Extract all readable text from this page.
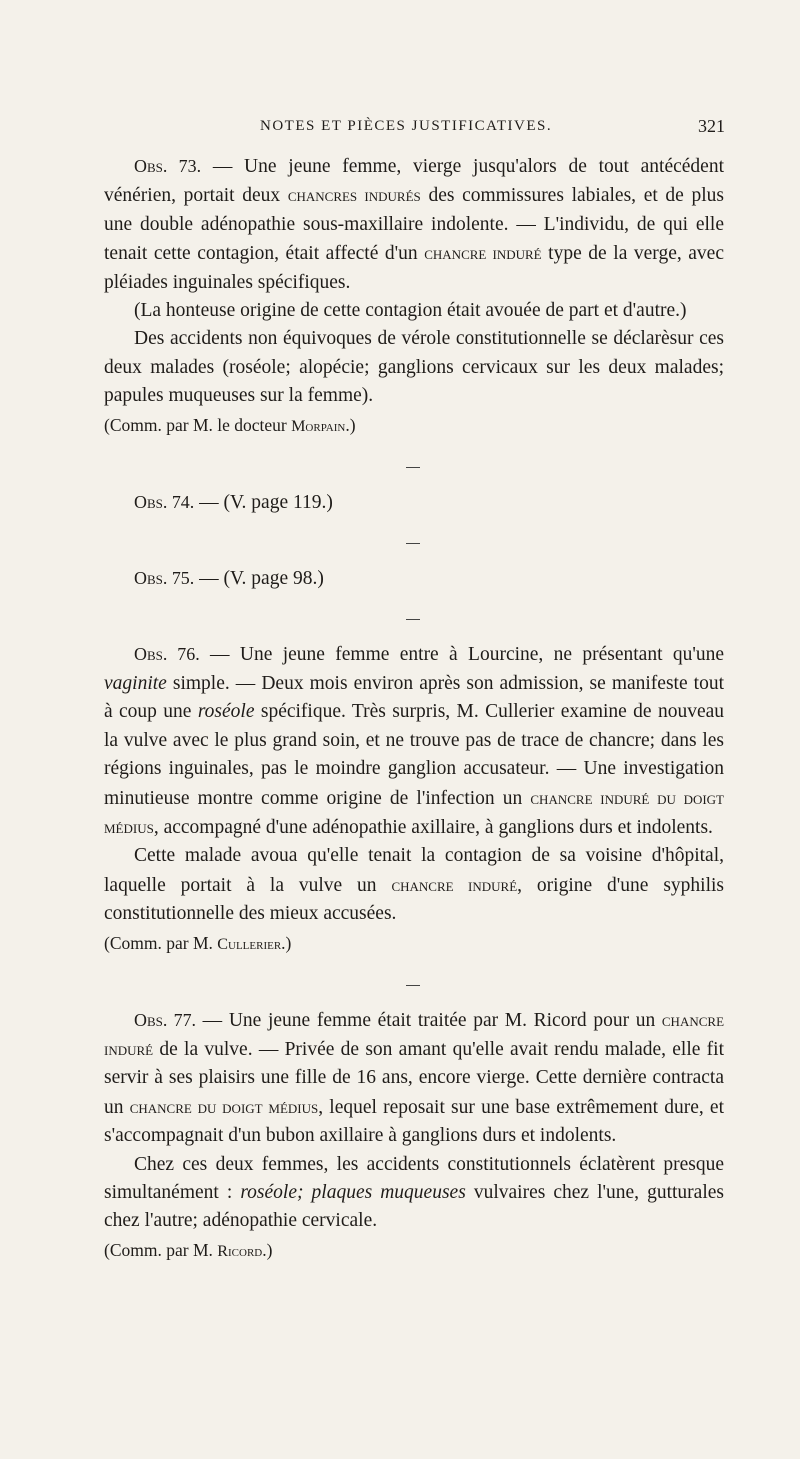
NOTES ET PIÈCES JUSTIFICATIVES.	321

Obs. 73. — Une jeune femme, vierge jusqu'alors de tout antécédent vénérien, portait deux chancres indurés des commissures labiales, et de plus une double adénopathie sous-maxillaire indolente. — L'individu, de qui elle tenait cette contagion, était affecté d'un chancre induré type de la verge, avec pléiades inguinales spécifiques.

(La honteuse origine de cette contagion était avouée de part et d'autre.)

Des accidents non équivoques de vérole constitutionnelle se déclarèsur ces deux malades (roséole; alopécie; ganglions cervicaux sur les deux malades; papules muqueuses sur la femme).

(Comm. par M. le docteur Morpain.)

Obs. 74. — (V. page 119.)

Obs. 75. — (V. page 98.)

Obs. 76. — Une jeune femme entre à Lourcine, ne présentant qu'une vaginite simple. — Deux mois environ après son admission, se manifeste tout à coup une roséole spécifique. Très surpris, M. Cullerier examine de nouveau la vulve avec le plus grand soin, et ne trouve pas de trace de chancre; dans les régions inguinales, pas le moindre ganglion accusateur. — Une investigation minutieuse montre comme origine de l'infection un chancre induré du doigt médius, accompagné d'une adénopathie axillaire, à ganglions durs et indolents.

Cette malade avoua qu'elle tenait la contagion de sa voisine d'hôpital, laquelle portait à la vulve un chancre induré, origine d'une syphilis constitutionnelle des mieux accusées.

(Comm. par M. Cullerier.)

Obs. 77. — Une jeune femme était traitée par M. Ricord pour un chancre induré de la vulve. — Privée de son amant qu'elle avait rendu malade, elle fit servir à ses plaisirs une fille de 16 ans, encore vierge. Cette dernière contracta un chancre du doigt médius, lequel reposait sur une base extrêmement dure, et s'accompagnait d'un bubon axillaire à ganglions durs et indolents.

Chez ces deux femmes, les accidents constitutionnels éclatèrent presque simultanément : roséole; plaques muqueuses vulvaires chez l'une, gutturales chez l'autre; adénopathie cervicale.

(Comm. par M. Ricord.)
